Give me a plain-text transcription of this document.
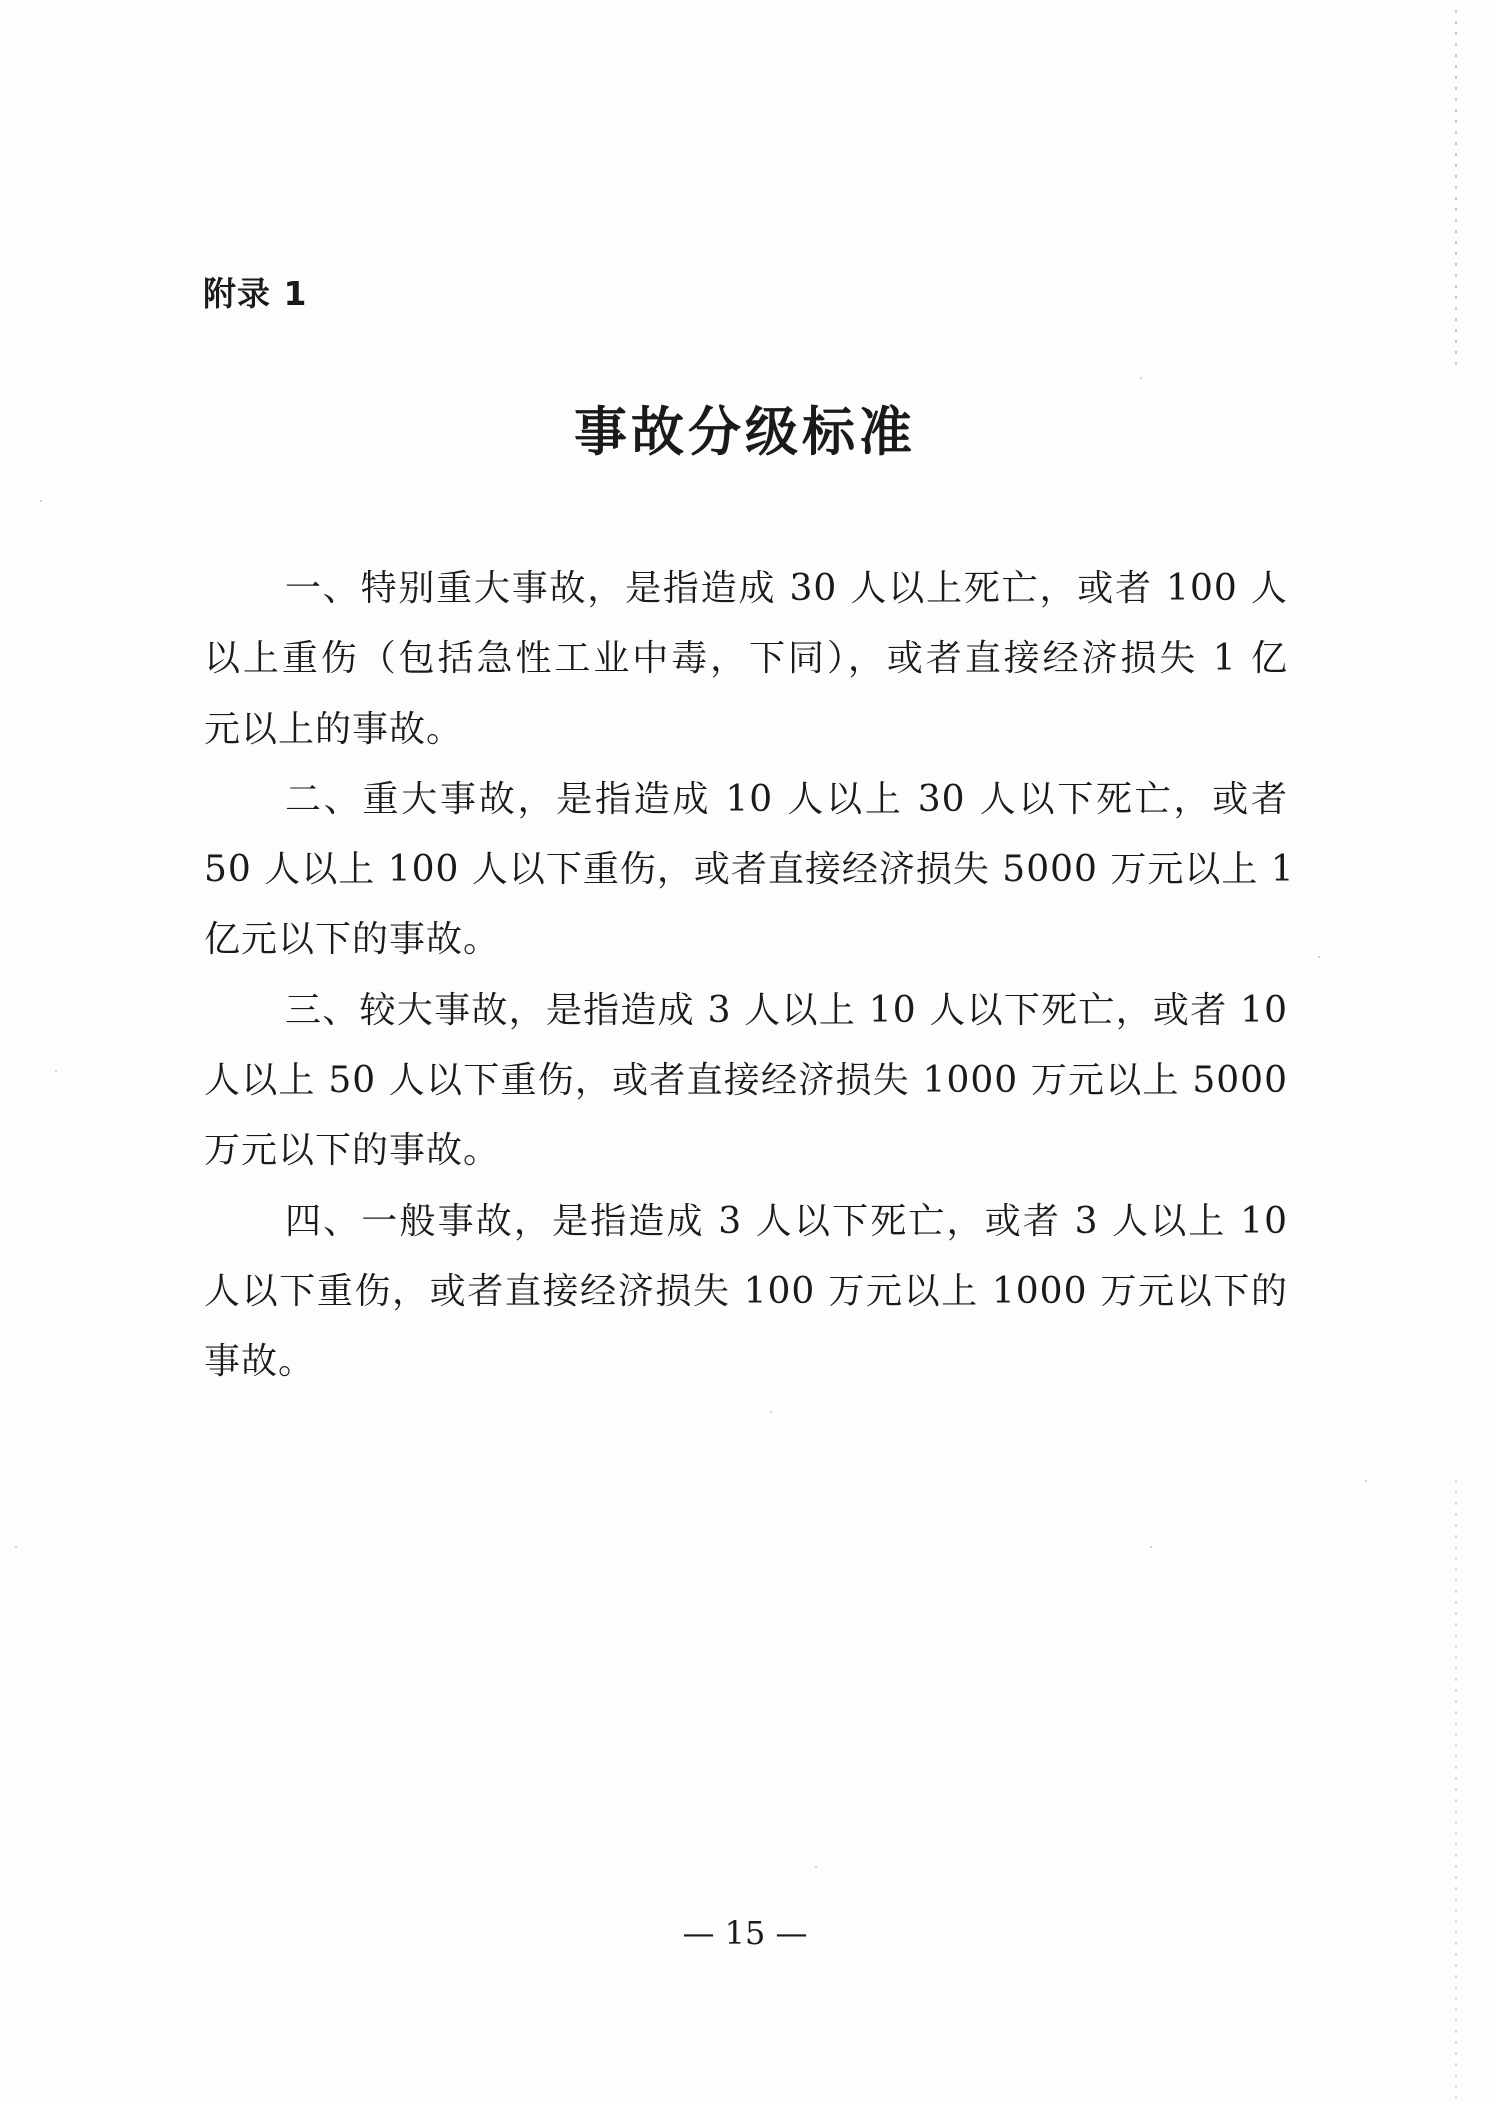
附录 1
事故分级标准
一、特别重大事故，是指造成 30 人以上死亡，或者 100 人
以上重伤（包括急性工业中毒，下同），或者直接经济损失 1 亿
元以上的事故。
二、重大事故，是指造成 10 人以上 30 人以下死亡，或者
50 人以上 100 人以下重伤，或者直接经济损失 5000 万元以上 1
亿元以下的事故。
三、较大事故，是指造成 3 人以上 10 人以下死亡，或者 10
人以上 50 人以下重伤，或者直接经济损失 1000 万元以上 5000
万元以下的事故。
四、一般事故，是指造成 3 人以下死亡，或者 3 人以上 10
人以下重伤，或者直接经济损失 100 万元以上 1000 万元以下的
事故。
— 15 —
